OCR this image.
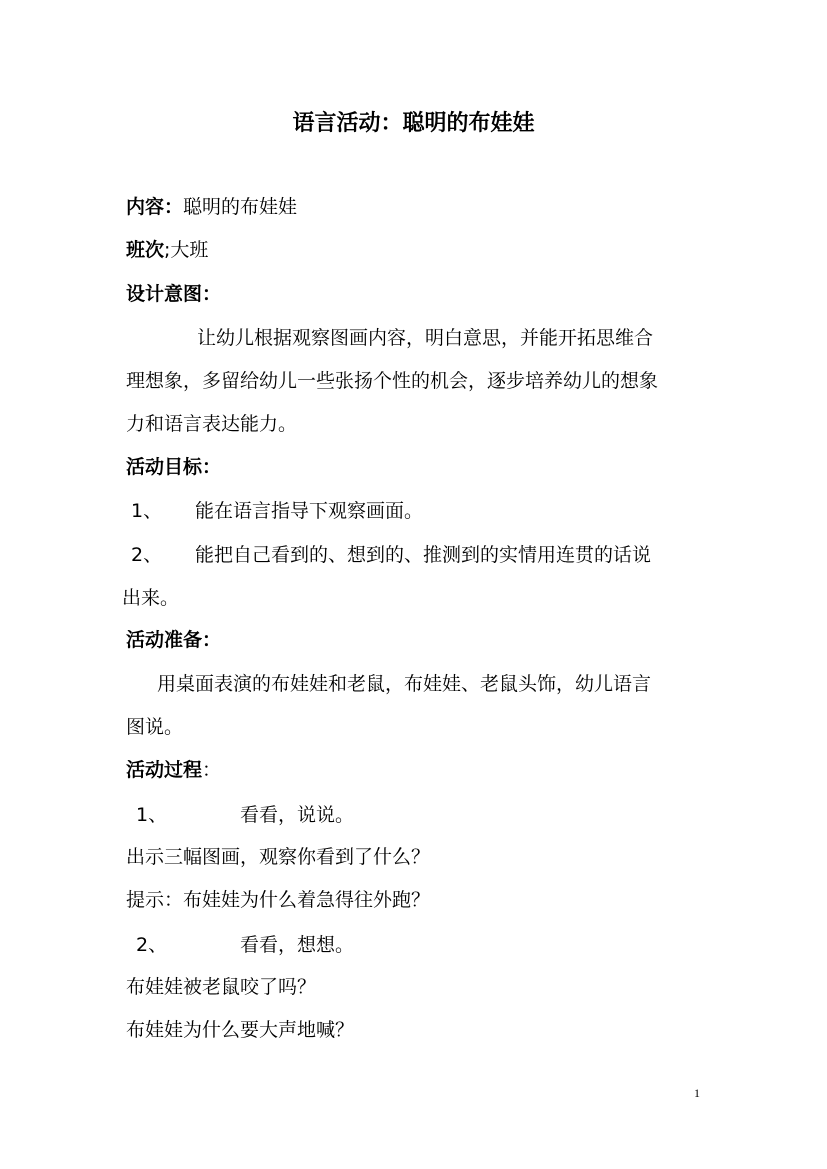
语言活动：聪明的布娃娃
内容：聪明的布娃娃
班次;大班
设计意图：
让幼儿根据观察图画内容，明白意思，并能开拓思维合
理想象，多留给幼儿一些张扬个性的机会，逐步培养幼儿的想象
力和语言表达能力。
活动目标：
1、 能在语言指导下观察画面。
2、 能把自己看到的、想到的、推测到的实情用连贯的话说
出来。
活动准备：
用桌面表演的布娃娃和老鼠，布娃娃、老鼠头饰，幼儿语言
图说。
活动过程：
1、	看看，说说。
出示三幅图画，观察你看到了什么？
提示：布娃娃为什么着急得往外跑？
2、	看看，想想。
布娃娃被老鼠咬了吗？
布娃娃为什么要大声地喊？
1
